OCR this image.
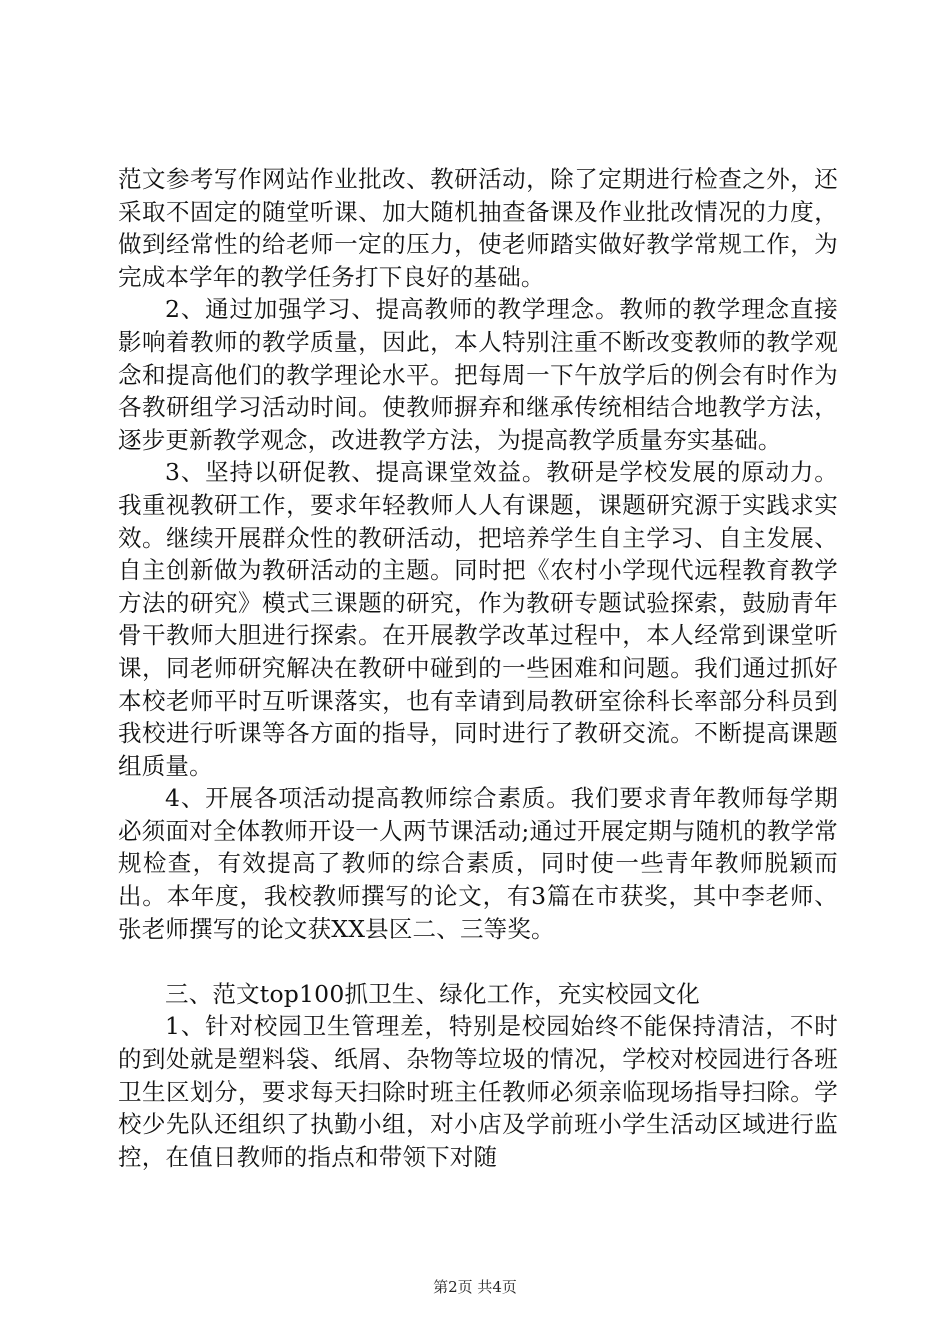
范文参考写作网站作业批改、教研活动，除了定期进行检查之外，还采取不固定的随堂听课、加大随机抽查备课及作业批改情况的力度，做到经常性的给老师一定的压力，使老师踏实做好教学常规工作，为完成本学年的教学任务打下良好的基础。

2、通过加强学习、提高教师的教学理念。教师的教学理念直接影响着教师的教学质量，因此，本人特别注重不断改变教师的教学观念和提高他们的教学理论水平。把每周一下午放学后的例会有时作为各教研组学习活动时间。使教师摒弃和继承传统相结合地教学方法，逐步更新教学观念，改进教学方法，为提高教学质量夯实基础。

3、坚持以研促教、提高课堂效益。教研是学校发展的原动力。我重视教研工作，要求年轻教师人人有课题，课题研究源于实践求实效。继续开展群众性的教研活动，把培养学生自主学习、自主发展、自主创新做为教研活动的主题。同时把《农村小学现代远程教育教学方法的研究》模式三课题的研究，作为教研专题试验探索，鼓励青年骨干教师大胆进行探索。在开展教学改革过程中，本人经常到课堂听课，同老师研究解决在教研中碰到的一些困难和问题。我们通过抓好本校老师平时互听课落实，也有幸请到局教研室徐科长率部分科员到我校进行听课等各方面的指导，同时进行了教研交流。不断提高课题组质量。

4、开展各项活动提高教师综合素质。我们要求青年教师每学期必须面对全体教师开设一人两节课活动;通过开展定期与随机的教学常规检查，有效提高了教师的综合素质，同时使一些青年教师脱颖而出。本年度，我校教师撰写的论文，有3篇在市获奖，其中李老师、张老师撰写的论文获XX县区二、三等奖。

三、范文top100抓卫生、绿化工作，充实校园文化

1、针对校园卫生管理差，特别是校园始终不能保持清洁，不时的到处就是塑料袋、纸屑、杂物等垃圾的情况，学校对校园进行各班卫生区划分，要求每天扫除时班主任教师必须亲临现场指导扫除。学校少先队还组织了执勤小组，对小店及学前班小学生活动区域进行监控，在值日教师的指点和带领下对随

第2页 共4页
